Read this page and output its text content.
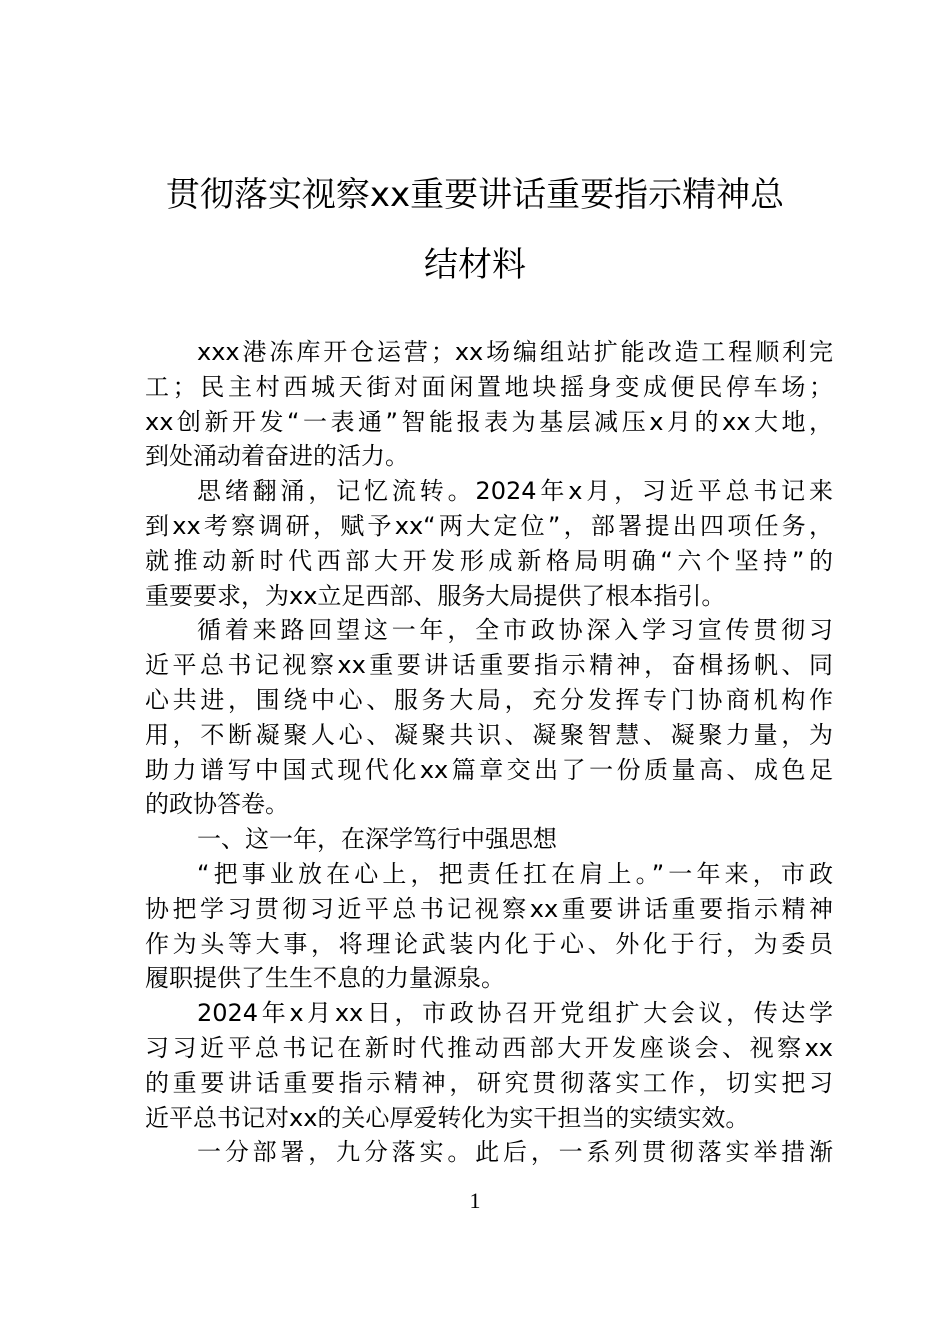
贯彻落实视察xx重要讲话重要指示精神总
结材料
xxx港冻库开仓运营；xx场编组站扩能改造工程顺利完
工；民主村西城天街对面闲置地块摇身变成便民停车场；
xx创新开发“一表通”智能报表为基层减压x月的xx大地，
到处涌动着奋进的活力。
思绪翻涌，记忆流转。2024年x月，习近平总书记来
到xx考察调研，赋予xx“两大定位”，部署提出四项任务，
就推动新时代西部大开发形成新格局明确“六个坚持”的
重要要求，为xx立足西部、服务大局提供了根本指引。
循着来路回望这一年，全市政协深入学习宣传贯彻习
近平总书记视察xx重要讲话重要指示精神，奋楫扬帆、同
心共进，围绕中心、服务大局，充分发挥专门协商机构作
用，不断凝聚人心、凝聚共识、凝聚智慧、凝聚力量，为
助力谱写中国式现代化xx篇章交出了一份质量高、成色足
的政协答卷。
一、这一年，在深学笃行中强思想
“把事业放在心上，把责任扛在肩上。”一年来，市政
协把学习贯彻习近平总书记视察xx重要讲话重要指示精神
作为头等大事，将理论武装内化于心、外化于行，为委员
履职提供了生生不息的力量源泉。
2024年x月xx日，市政协召开党组扩大会议，传达学
习习近平总书记在新时代推动西部大开发座谈会、视察xx
的重要讲话重要指示精神，研究贯彻落实工作，切实把习
近平总书记对xx的关心厚爱转化为实干担当的实绩实效。
一分部署，九分落实。此后，一系列贯彻落实举措渐
1
